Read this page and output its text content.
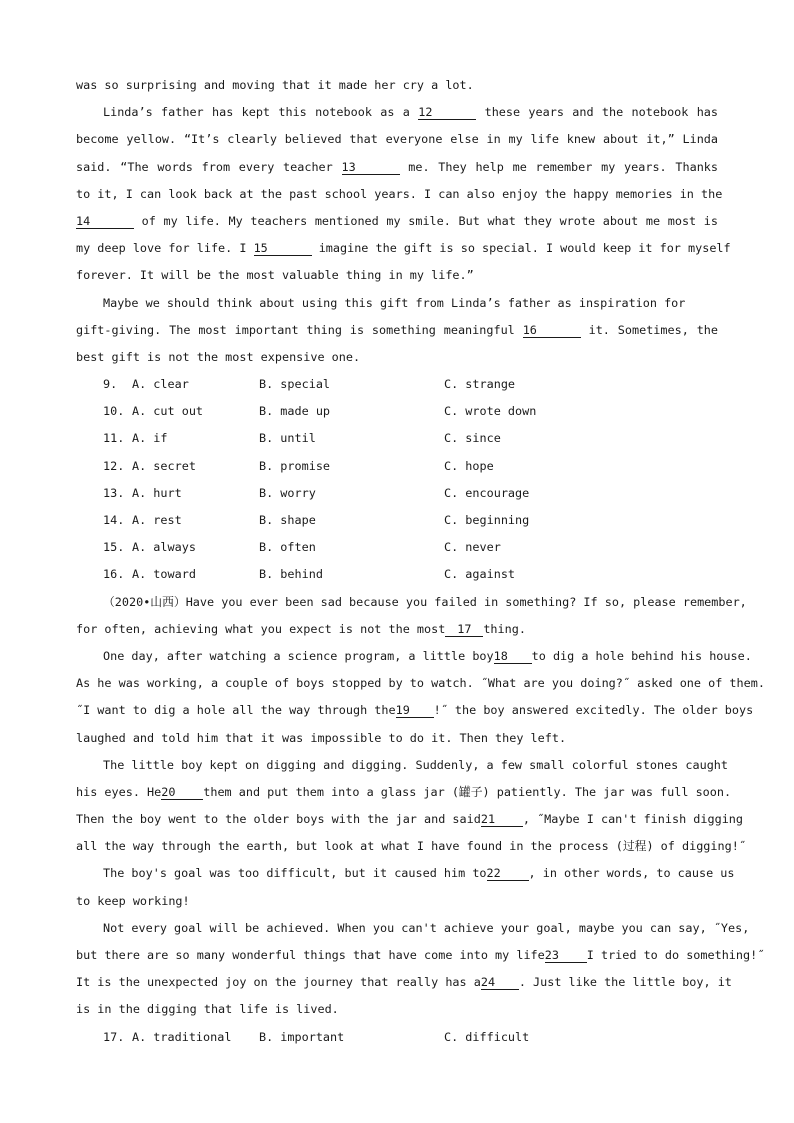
was so surprising and moving that it made her cry a lot.
Linda’s father has kept this notebook as a 12	these years and the notebook has
become yellow. “It’s clearly believed that everyone else in my life knew about it,” Linda
said. “The words from every teacher 13	me. They help me remember my years. Thanks
to it, I can look back at the past school years. I can also enjoy the happy memories in the
14	of my life. My teachers mentioned my smile. But what they wrote about me most is
my deep love for life. I 15	imagine the gift is so special. I would keep it for myself
forever. It will be the most valuable thing in my life.”
Maybe we should think about using this gift from Linda’s father as inspiration for
gift-giving. The most important thing is something meaningful 16	it. Sometimes, the
best gift is not the most expensive one.
9. A. clear	B. special	C. strange
10. A. cut out	B. made up	C. wrote down
11. A. if	B. until	C. since
12. A. secret	B. promise	C. hope
13. A. hurt	B. worry	C. encourage
14. A. rest	B. shape	C. beginning
15. A. always	B. often	C. never
16. A. toward	B. behind	C. against
（2020•山西）Have you ever been sad because you failed in something? If so, please remember,
for often, achieving what you expect is not the most 17 thing.
One day, after watching a science program, a little boy18 to dig a hole behind his house.
As he was working, a couple of boys stopped by to watch. ˝What are you doing?˝ asked one of them.
˝I want to dig a hole all the way through the19 !˝ the boy answered excitedly. The older boys
laughed and told him that it was impossible to do it. Then they left.
The little boy kept on digging and digging. Suddenly, a few small colorful stones caught
his eyes. He20 them and put them into a glass jar (罐子) patiently. The jar was full soon.
Then the boy went to the older boys with the jar and said21 , ˝Maybe I can't finish digging
all the way through the earth, but look at what I have found in the process (过程) of digging!˝
The boy's goal was too difficult, but it caused him to22 , in other words, to cause us
to keep working!
Not every goal will be achieved. When you can't achieve your goal, maybe you can say, ˝Yes,
but there are so many wonderful things that have come into my life23 I tried to do something!˝
It is the unexpected joy on the journey that really has a24 . Just like the little boy, it
is in the digging that life is lived.
17. A. traditional B. important	C. difficult
